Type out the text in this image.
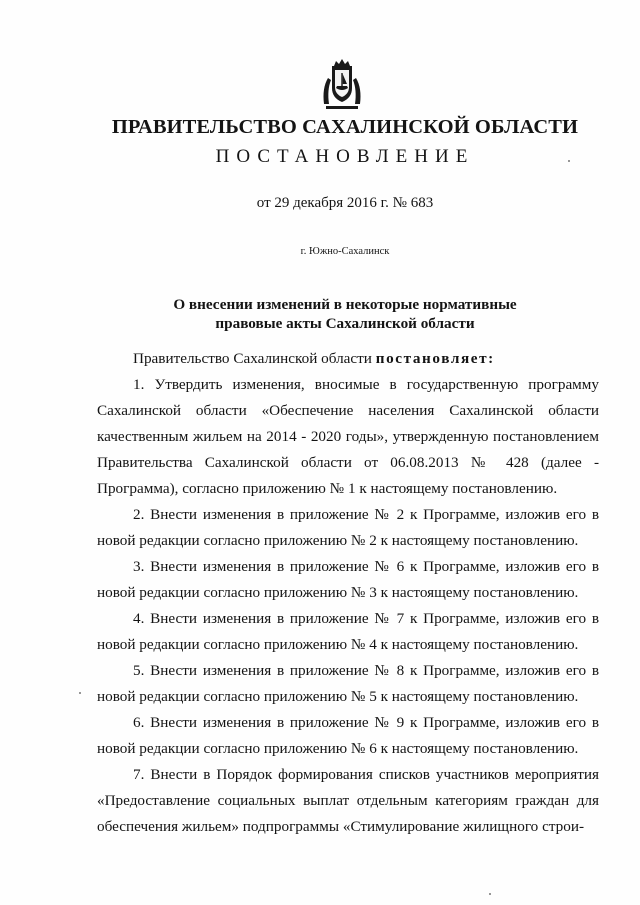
ПРАВИТЕЛЬСТВО САХАЛИНСКОЙ ОБЛАСТИ
ПОСТАНОВЛЕНИЕ
от 29 декабря 2016 г. № 683
г. Южно-Сахалинск
О внесении изменений в некоторые нормативные
правовые акты Сахалинской области

Правительство Сахалинской области постановляет:

1. Утвердить изменения, вносимые в государственную программу Сахалинской области «Обеспечение населения Сахалинской области качественным жильем на 2014 - 2020 годы», утвержденную постановлением Правительства Сахалинской области от 06.08.2013 № 428 (далее - Программа), согласно приложению № 1 к настоящему постановлению.

2. Внести изменения в приложение № 2 к Программе, изложив его в новой редакции согласно приложению № 2 к настоящему постановлению.

3. Внести изменения в приложение № 6 к Программе, изложив его в новой редакции согласно приложению № 3 к настоящему постановлению.

4. Внести изменения в приложение № 7 к Программе, изложив его в новой редакции согласно приложению № 4 к настоящему постановлению.

5. Внести изменения в приложение № 8 к Программе, изложив его в новой редакции согласно приложению № 5 к настоящему постановлению.

6. Внести изменения в приложение № 9 к Программе, изложив его в новой редакции согласно приложению № 6 к настоящему постановлению.

7. Внести в Порядок формирования списков участников мероприятия «Предоставление социальных выплат отдельным категориям граждан для обеспечения жильем» подпрограммы «Стимулирование жилищного строи-
